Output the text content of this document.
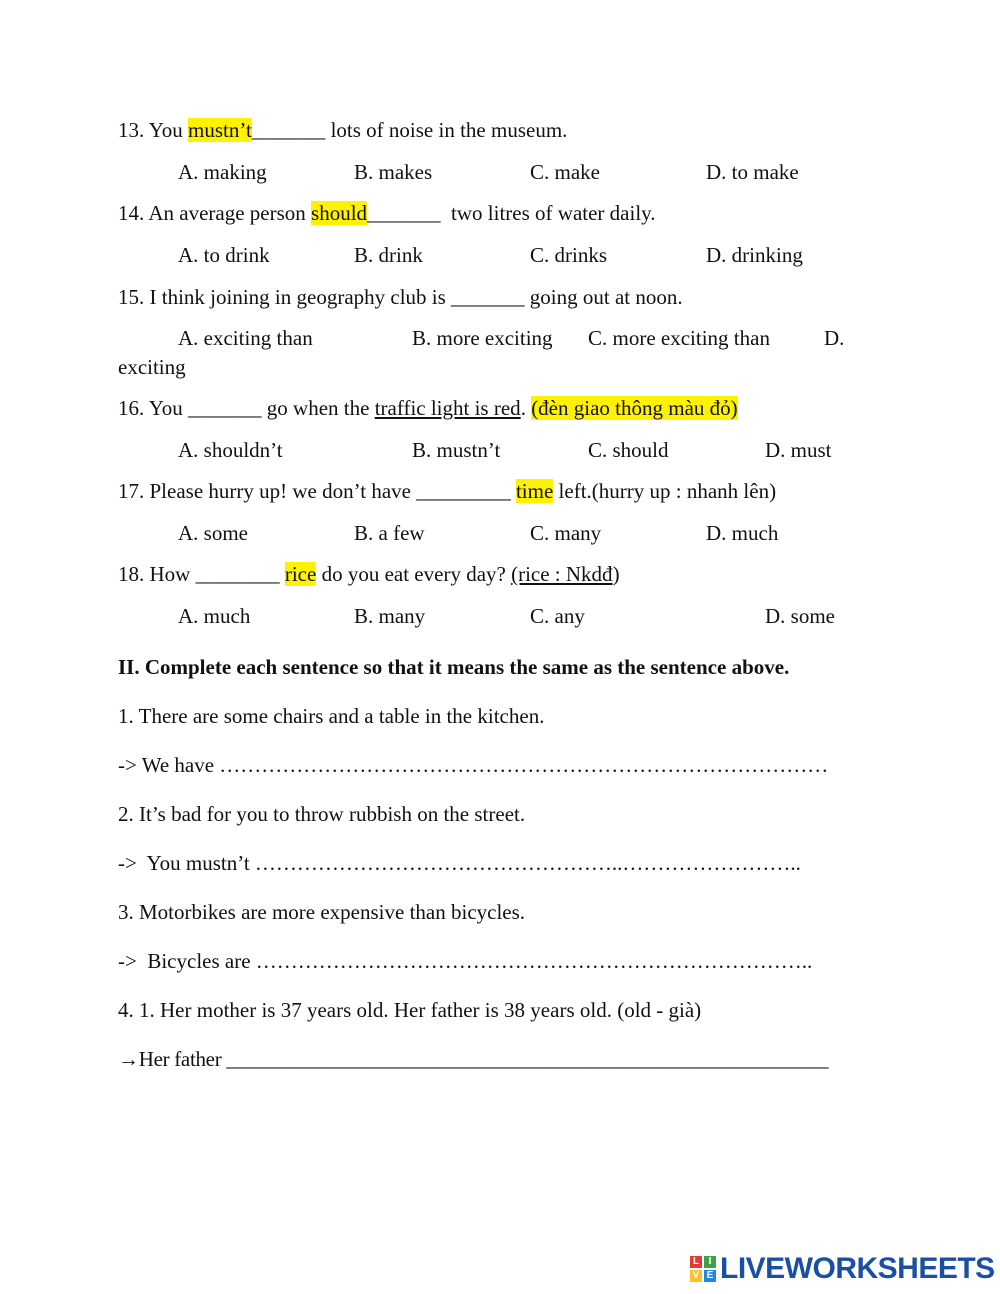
13. You mustn’t_______ lots of noise in the museum.
A. making	B. makes	C. make	D. to make
14. An average person should_______  two litres of water daily.
A. to drink	B. drink	C. drinks	D. drinking
15. I think joining in geography club is _______ going out at noon.
A. exciting than	B. more exciting C. more exciting than	D.
exciting
16. You _______ go when the traffic light is red. (đèn giao thông màu đỏ)
A. shouldn’t	B. mustn’t	C. should	D. must
17. Please hurry up! we don’t have _________ time left.(hurry up : nhanh lên)
A. some	B. a few	C. many	D. much
18. How ________ rice do you eat every day? (rice : Nkdđ)
A. much	B. many	C. any	D. some
II. Complete each sentence so that it means the same as the sentence above.
1. There are some chairs and a table in the kitchen.
-> We have ……………………………………………………………………………
2. It’s bad for you to throw rubbish on the street.
->  You mustn’t ……………………………………………..……………………..
3. Motorbikes are more expensive than bicycles.
->  Bicycles are ……………………………………………………………………..
4. 1. Her mother is 37 years old. Her father is 38 years old. (old - già)
→Her father ___________________________________________________________
L I
V E LIVEWORKSHEETS
